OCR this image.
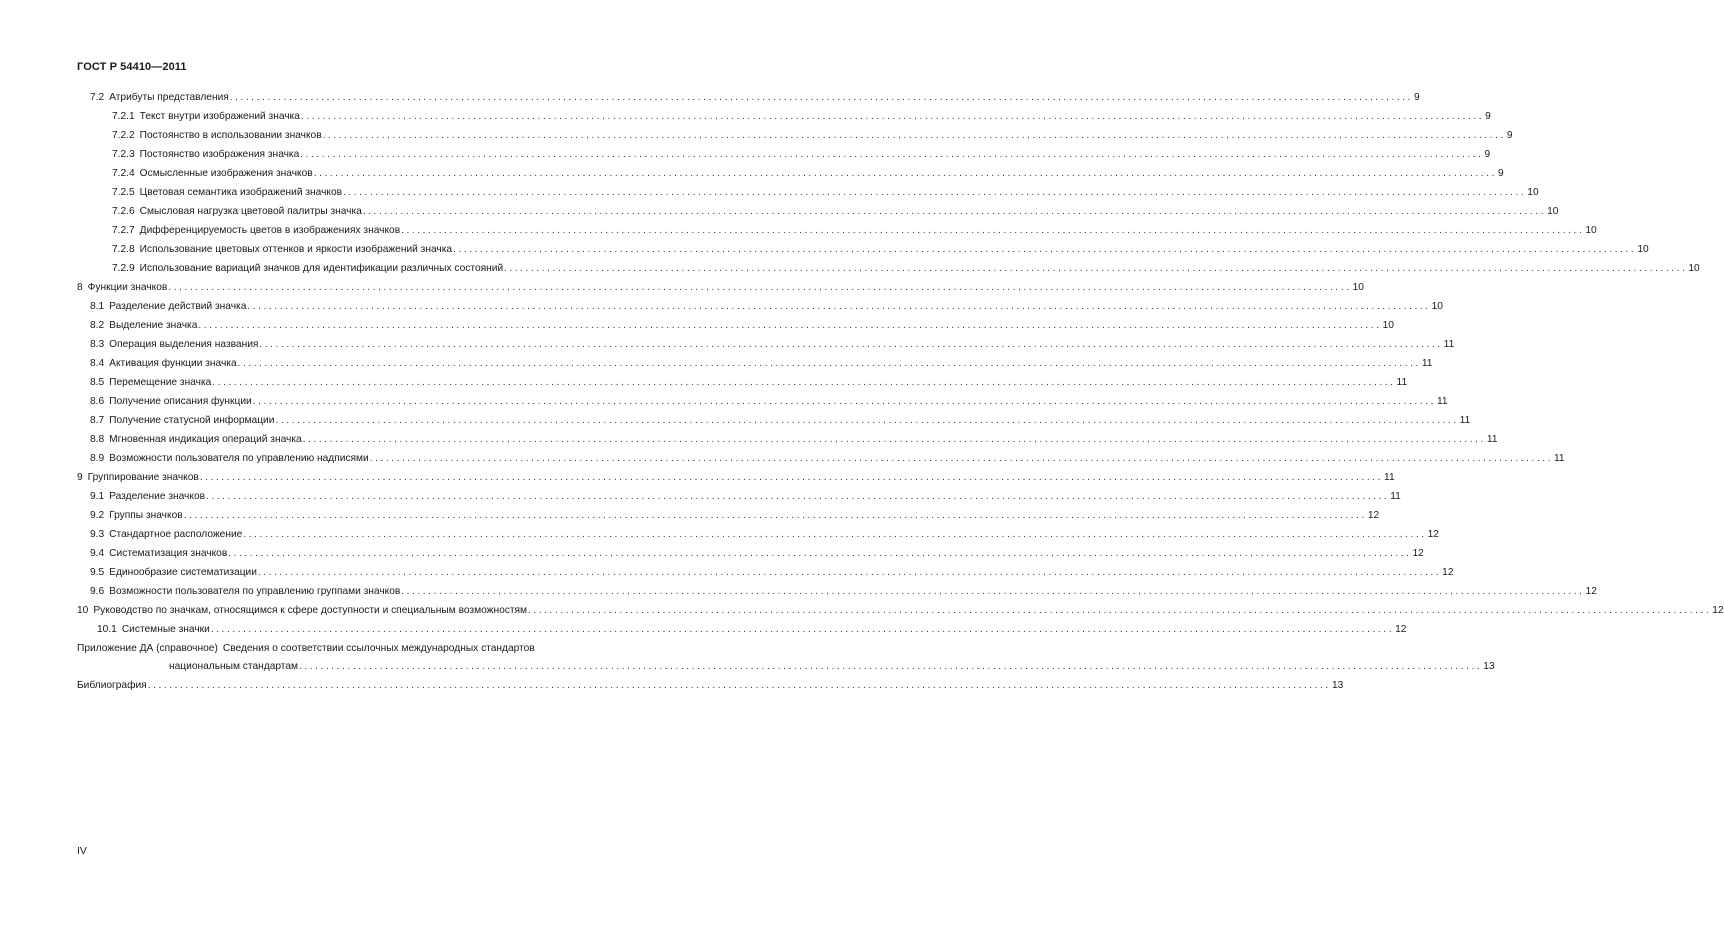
ГОСТ Р 54410—2011
7.2 Атрибуты представления ............................................................................................................................................................................................................................ 9
7.2.1 Текст внутри изображений значка ............................................................................................................................................................................................................................ 9
7.2.2 Постоянство в использовании значков ............................................................................................................................................................................................................................ 9
7.2.3 Постоянство изображения значка ............................................................................................................................................................................................................................ 9
7.2.4 Осмысленные изображения значков ............................................................................................................................................................................................................................ 9
7.2.5 Цветовая семантика изображений значков ............................................................................................................................................................................................................................ 10
7.2.6 Смысловая нагрузка цветовой палитры значка ............................................................................................................................................................................................................................ 10
7.2.7 Дифференцируемость цветов в изображениях значков ............................................................................................................................................................................................................................ 10
7.2.8 Использование цветовых оттенков и яркости изображений значка ............................................................................................................................................................................................................................ 10
7.2.9 Использование вариаций значков для идентификации различных состояний ............................................................................................................................................................................................................................ 10
8 Функции значков ............................................................................................................................................................................................................................ 10
8.1 Разделение действий значка ............................................................................................................................................................................................................................ 10
8.2 Выделение значка ............................................................................................................................................................................................................................ 10
8.3 Операция выделения названия ............................................................................................................................................................................................................................ 11
8.4 Активация функции значка ............................................................................................................................................................................................................................ 11
8.5 Перемещение значка ............................................................................................................................................................................................................................ 11
8.6 Получение описания функции ............................................................................................................................................................................................................................ 11
8.7 Получение статусной информации ............................................................................................................................................................................................................................ 11
8.8 Мгновенная индикация операций значка ............................................................................................................................................................................................................................ 11
8.9 Возможности пользователя по управлению надписями ............................................................................................................................................................................................................................ 11
9 Группирование значков ............................................................................................................................................................................................................................ 11
9.1 Разделение значков ............................................................................................................................................................................................................................ 11
9.2 Группы значков ............................................................................................................................................................................................................................ 12
9.3 Стандартное расположение ............................................................................................................................................................................................................................ 12
9.4 Систематизация значков ............................................................................................................................................................................................................................ 12
9.5 Единообразие систематизации ............................................................................................................................................................................................................................ 12
9.6 Возможности пользователя по управлению группами значков ............................................................................................................................................................................................................................ 12
10 Руководство по значкам, относящимся к сфере доступности и специальным возможностям ............................................................................................................................................................................................................................ 12
10.1 Системные значки ............................................................................................................................................................................................................................ 12
Приложение ДА (справочное) Сведения о соответствии ссылочных международных стандартов
национальным стандартам ............................................................................................................................................................................................................................ 13
Библиография ............................................................................................................................................................................................................................ 13
IV
